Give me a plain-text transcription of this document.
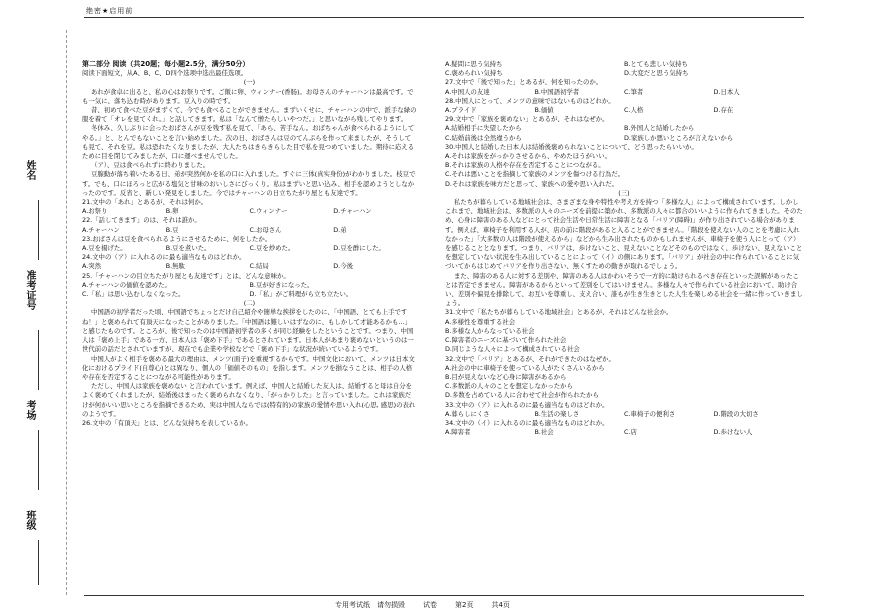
姓名
准考证号
考场
班级
绝密★启用前

第二部分 阅读（共20题；每小题2.5分，满分50分）

阅读下面短文，从A、B、C、D四个选项中选出最佳选项。

(一)

あれが食卓に出ると、私の心はお祭りです。ご飯に卵、ウィンナー(香肠)。お母さんのチャーハンは最高です。でも一気に、落ち込む時があります。豆入りの時です。

昔、初めて食べた豆がまずくて、今でも食べることができません。まずいくせに、チャーハンの中で、派手な緑の服を着て「オレを見てくれ。」と話してきます。私は「なんて憎たらしいやつだ。」と思いながら残してやります。

冬休み、久しぶりに会ったおばさんが豆を残す私を見て、「あら、苦手なん。おばちゃんが食べられるようにしてやる。」と、とんでもないことを言い始めました。次の日、おばさんは豆のてんぷらを作って来ましたが、そうしても見て、それを豆。私は恐れたくなりましたが、大人たちはきらきらした目で私を見つめていました。期待に応えるために目を閉じてみましたが、口に運べませんでした。

（ア）、豆は食べられずに終わりました。

豆腺動が落ち着いたある日、弟が突然何かを私の口に入れました。すぐに三体(真实身份)がわかりました。枝豆です。でも、口にほろっと広がる塩気と甘味のおいしさにびっくり。私はまずいと思い込み、相手を認めようとしなかったのです。反省と、新しい発見をしました。今ではチャーハンの日立ちたがり屋とも友達です。

21.文中の「あれ」とあるが、それは何か。

A.お祭り	B.卵	C.ウィンナー	D.チャーハン

22.「話してきます」のは、それは誰か。

A.チャーハン	B.豆	C.お母さん	D.弟

23.おばさんは豆を食べられるようにさせるために、何をしたか。

A.豆を揚げた。	B.豆を煮いた。	C.豆を炒めた。	D.豆を酢にした。

24.文中の（ア）に入れるのに最も適当なものはどれか。

A.突然	B.無駄	C.結局	D.今後

25.「チャーハンの目立ちたがり屋とも友達です」とは、どんな意味か。

A.チャーハンの価値を認めた。	B.豆が好きになった。
C.「私」は思い込むしなくなった。	D.「私」がご料理がら立ち立たい。

(二)

中国語の初学者だった頃、中国語でちょっとだけ自己紹介や簡単な挨拶をしたのに、「中国語、とても上手ですね！」と褒められて有頂天になったことがありました。「中国語は難しいはずなのに、もしかして才能あるかも…」と感じたものです。ところが、後で知ったのは中国語初学者の多くが同じ経験をしたということです。つまり、中国人は「褒め上手」である一方、日本人は「褒め下手」であるとされています。日本人があまり褒めないというのは一世代前の話だとされていますが、現在でも企業や学校などで「褒め下手」な状況が続いているようです。

中国人がよく相手を褒める最大の理由は、メンツ(面子)を重視するからです。中国文化において、メンツは日本文化におけるプライド(自尊心)とは異なり、個人の「価値そのもの」を指します。メンツを損なうことは、相手の人格や存在を否定することにつながる可能性があります。

ただし、中国人は家族を褒めない と言われています。例えば、中国人と結婚した友人は、結婚すると母は自分をよく褒めてくれましたが、結婚後はまったく褒められなくなり、「がっかりした」と言っていました。これは家族だけが何かいい思いところを指摘できるため、実は中国人ならでは(特有的)の家族の愛情や思い入れ(心思, 感思)の表れのようです。

26.文中の「有頂天」とは、どんな気持ちを表しているか。

A.疑問に思う気持ち	B.とても悲しい気持ち
C.褒められい気持ち	D.大変だと思う気持ち

27.文中で「後で知った」とあるが、何を知ったのか。

A.中国人の友達	B.中国語初学者	C.筆者	D.日本人

28.中国人にとって、メンツの意味ではないものはどれか。

A.プライド	B.価値	C.人格	D.存在

29.文中で「家族を褒めない」とあるが、それはなぜか。

A.結婚相手に失望したから	B.外国人と結婚したから
C.結婚前後は全然違うから	D.家族しか悪いところが言えないから

30.中国人と結婚した日本人は結婚後褒められないことについて、どう思ったらいいか。

A.それは家族をがっかりさせるから、やめたほうがいい。

B.それは家族の人格や存在を否定することにつながる。

C.それは悪いことを指摘して家族のメンツを傷つける行為だ。

D.それは家族を味方だと思って、家族への愛や思い入れだ。

(三)

私たちが暮らしている地域社会は、さまざまな身や特性や考え方を持つ「多様な人」によって構成されています。しかしこれまで、地域社会は、多数派の人々のニーズを前提に築かれ、多数派の人々に都合のいいように作られてきました。そのため、心身に障害のある人などにとって社会生活や日常生活に障害となる「バリア(障碍)」が作り出されている場合があります。例えば、車椅子を利用する人が、店の前に階段があると入ることができません。「階段を使えない人のことを考慮に入れなかった」「大多数の人は階段が使えるから」などから生み出されたものかもしれませんが、車椅子を使う人にとって（ア）を感じることとなります。つまり、バリアは、歩けないこと、見えないことなどそのものではなく、歩けない、見えないことを想定していない状況を生み出していることによって（イ）の側にあります。「バリア」が社会の中に作られていることに気づいてからはじめてバリアを作り出さない、無くすための動きが取れるでしょう。

また、障害のある人に対する差別や、障害のある人はかわいそうで一方的に助けられるべき存在といった誤解があったことは否定できません。障害があるからといって差別をしてはいけません。多様な人々で作られている社会において、助け合い、差別や偏見を排除して、お互いを尊重し、支え合い、誰もが生き生きとした人生を楽しめる社会を一緒に作っていきましょう。

31.文中で「私たちが暮らしている地域社会」とあるが、それはどんな社会か。

A.多様性を尊重する社会

B.多様な人からなっている社会

C.障害者のニーズに基づいて作られた社会

D.同じような人々によって構成されている社会

32.文中で「バリア」とあるが、それができたのはなぜか。

A.社会の中に車椅子を使っている人がたくさんいるから

B.目が見えないなど心身に障害があるから

C.多数派の人々のことを想定しなかったから

D.多数を占めている人に合わせて社会が作られたから

33.文中の（ア）に入れるのに最も適当なものはどれか。

A.暮らしにくさ	B.生活の楽しさ	C.車椅子の便利さ	D.階段の大切さ

34.文中の（イ）に入れるのに最も適当なものはどれか。

A.障害者	B.社会	C.店	D.歩けない人
专用考试纸　请勿损毁	试卷	第2页	共4页
